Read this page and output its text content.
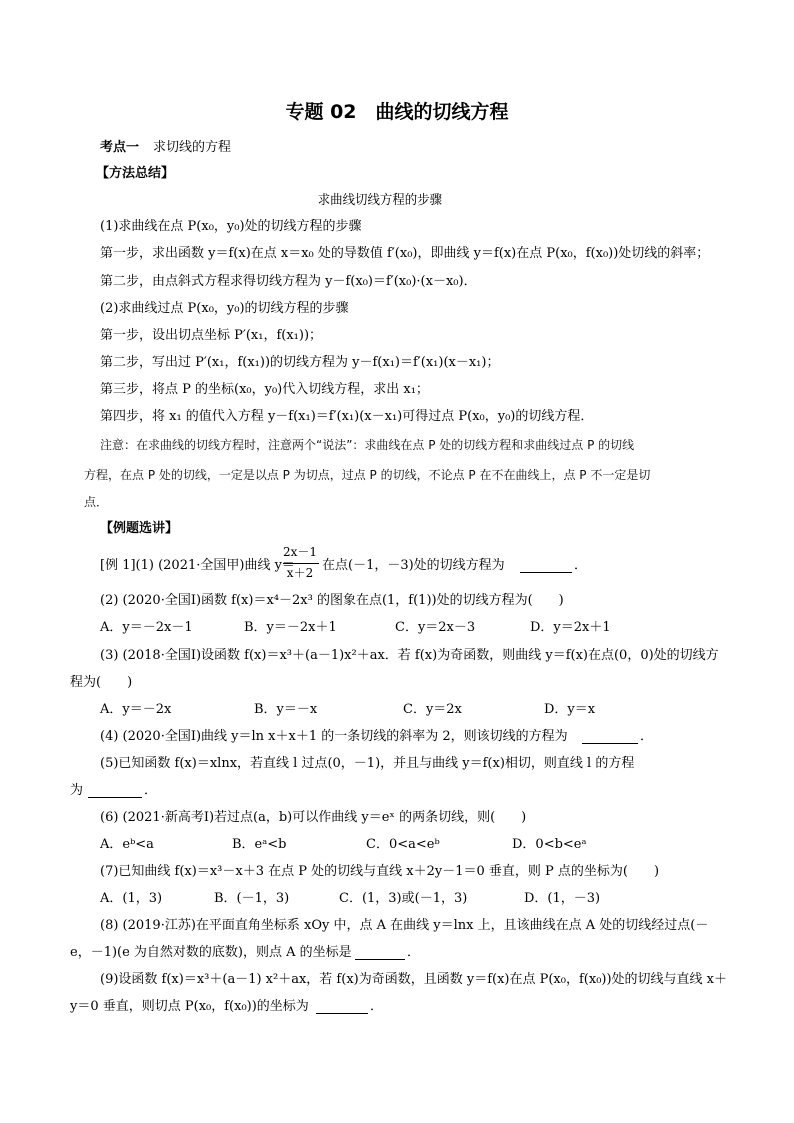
专题 02　曲线的切线方程
考点一 求切线的方程
【方法总结】
求曲线切线方程的步骤
(1)求曲线在点 P(x₀，y₀)处的切线方程的步骤
第一步，求出函数 y＝f(x)在点 x＝x₀ 处的导数值 f′(x₀)，即曲线 y＝f(x)在点 P(x₀，f(x₀))处切线的斜率；
第二步，由点斜式方程求得切线方程为 y－f(x₀)＝f′(x₀)·(x－x₀)．
(2)求曲线过点 P(x₀，y₀)的切线方程的步骤
第一步，设出切点坐标 P′(x₁，f(x₁))；
第二步，写出过 P′(x₁，f(x₁))的切线方程为 y－f(x₁)＝f′(x₁)(x－x₁)；
第三步，将点 P 的坐标(x₀，y₀)代入切线方程，求出 x₁；
第四步，将 x₁ 的值代入方程 y－f(x₁)＝f′(x₁)(x－x₁)可得过点 P(x₀，y₀)的切线方程．
注意：在求曲线的切线方程时，注意两个“说法”：求曲线在点 P 处的切线方程和求曲线过点 P 的切线
方程，在点 P 处的切线，一定是以点 P 为切点，过点 P 的切线，不论点 P 在不在曲线上，点 P 不一定是切
点．
【例题选讲】
[例 1](1) (2021·全国甲)曲线 y＝
2x－1
x＋2 在点(－1，－3)处的切线方程为	．
(2) (2020·全国Ⅰ)函数 f(x)＝x⁴－2x³ 的图象在点(1，f(1))处的切线方程为(　　)
A．y＝－2x－1	B．y＝－2x＋1	C．y＝2x－3	D．y＝2x＋1
(3) (2018·全国Ⅰ)设函数 f(x)＝x³＋(a－1)x²＋ax．若 f(x)为奇函数，则曲线 y＝f(x)在点(0，0)处的切线方
程为(　　)
A．y＝－2x	B．y＝－x	C．y＝2x	D．y＝x
(4) (2020·全国Ⅰ)曲线 y＝ln x＋x＋1 的一条切线的斜率为 2，则该切线的方程为	．
(5)已知函数 f(x)＝xlnx，若直线 l 过点(0，－1)，并且与曲线 y＝f(x)相切，则直线 l 的方程
为	．
(6) (2021·新高考Ⅰ)若过点(a，b)可以作曲线 y＝eˣ 的两条切线，则(　　)
A．eᵇ<a	B．eᵃ<b	C．0<a<eᵇ	D．0<b<eᵃ
(7)已知曲线 f(x)＝x³－x＋3 在点 P 处的切线与直线 x＋2y－1＝0 垂直，则 P 点的坐标为(　　)
A．(1，3)	B．(－1，3)	C．(1，3)或(－1，3)	D．(1，－3)
(8) (2019·江苏)在平面直角坐标系 xOy 中，点 A 在曲线 y＝lnx 上，且该曲线在点 A 处的切线经过点(－
e，－1)(e 为自然对数的底数)，则点 A 的坐标是	．
(9)设函数 f(x)＝x³＋(a－1) x²＋ax，若 f(x)为奇函数，且函数 y＝f(x)在点 P(x₀，f(x₀))处的切线与直线 x＋
y＝0 垂直，则切点 P(x₀，f(x₀))的坐标为	．
